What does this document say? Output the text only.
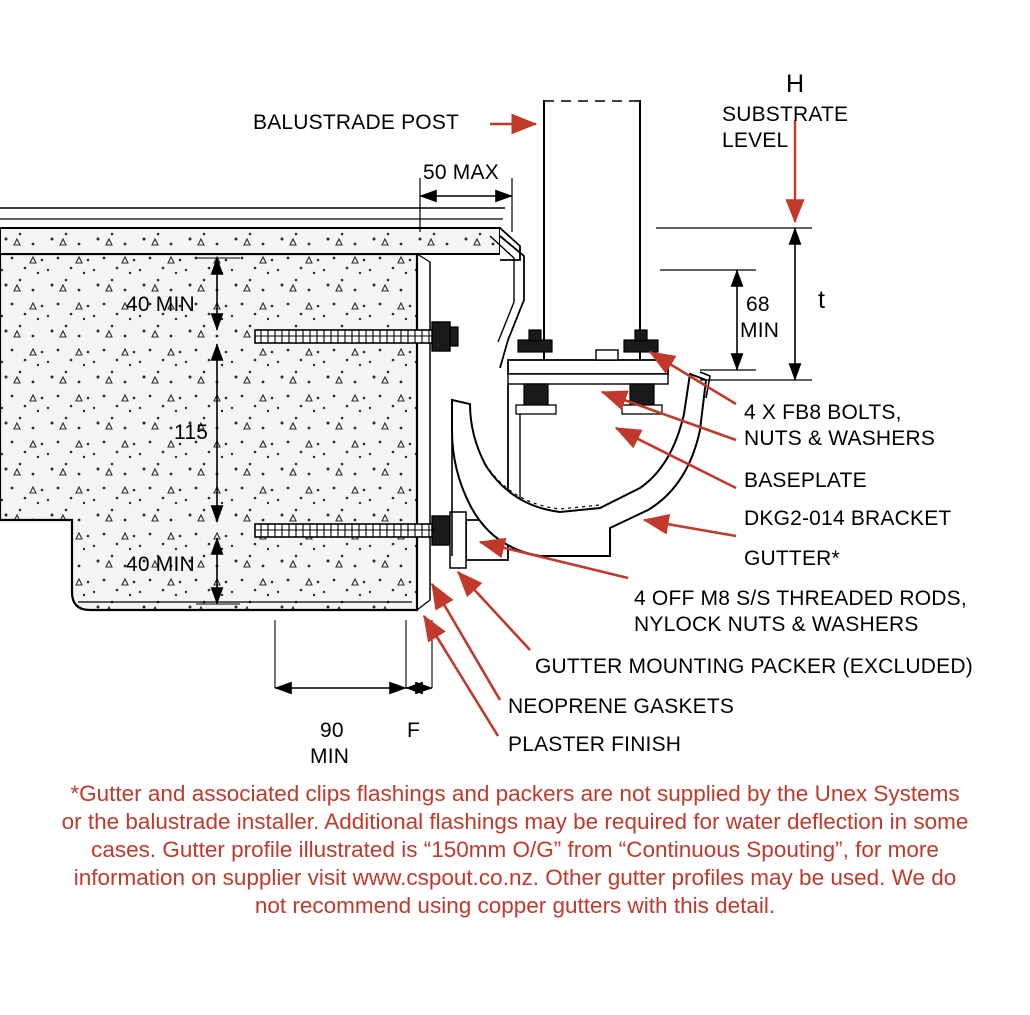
BALUSTRADE POST
50 MAX
H
SUBSTRATE
LEVEL
t
68
MIN
40 MIN
115
40 MIN
90
MIN
F
4 X FB8 BOLTS,
NUTS & WASHERS
BASEPLATE
DKG2-014 BRACKET
GUTTER*
4 OFF M8 S/S THREADED RODS,
NYLOCK NUTS & WASHERS
GUTTER MOUNTING PACKER (EXCLUDED)
NEOPRENE GASKETS
PLASTER FINISH
*Gutter and associated clips flashings and packers are not supplied by the Unex Systems or the balustrade installer. Additional flashings may be required for water deflection in some cases. Gutter profile illustrated is “150mm O/G” from “Continuous Spouting”, for more information on supplier visit www.cspout.co.nz. Other gutter profiles may be used. We do not recommend using copper gutters with this detail.
